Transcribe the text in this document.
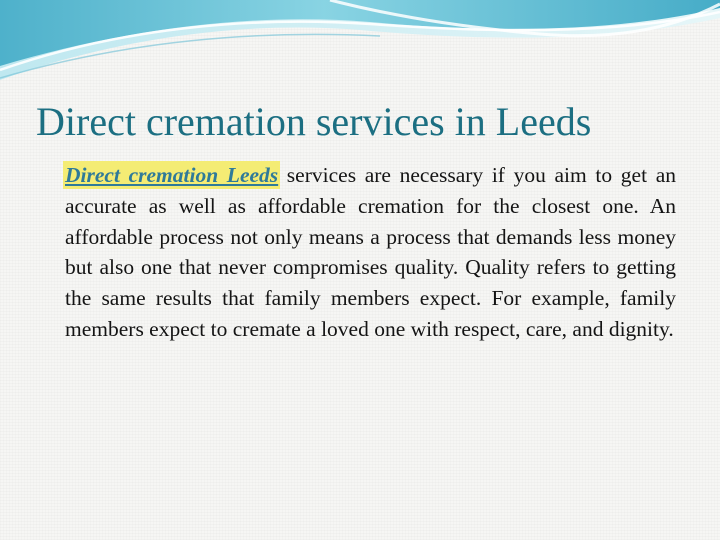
Direct cremation services in Leeds

Direct cremation Leeds services are necessary if you aim to get an accurate as well as affordable cremation for the closest one. An affordable process not only means a process that demands less money but also one that never compromises quality. Quality refers to getting the same results that family members expect. For example, family members expect to cremate a loved one with respect, care, and dignity.
